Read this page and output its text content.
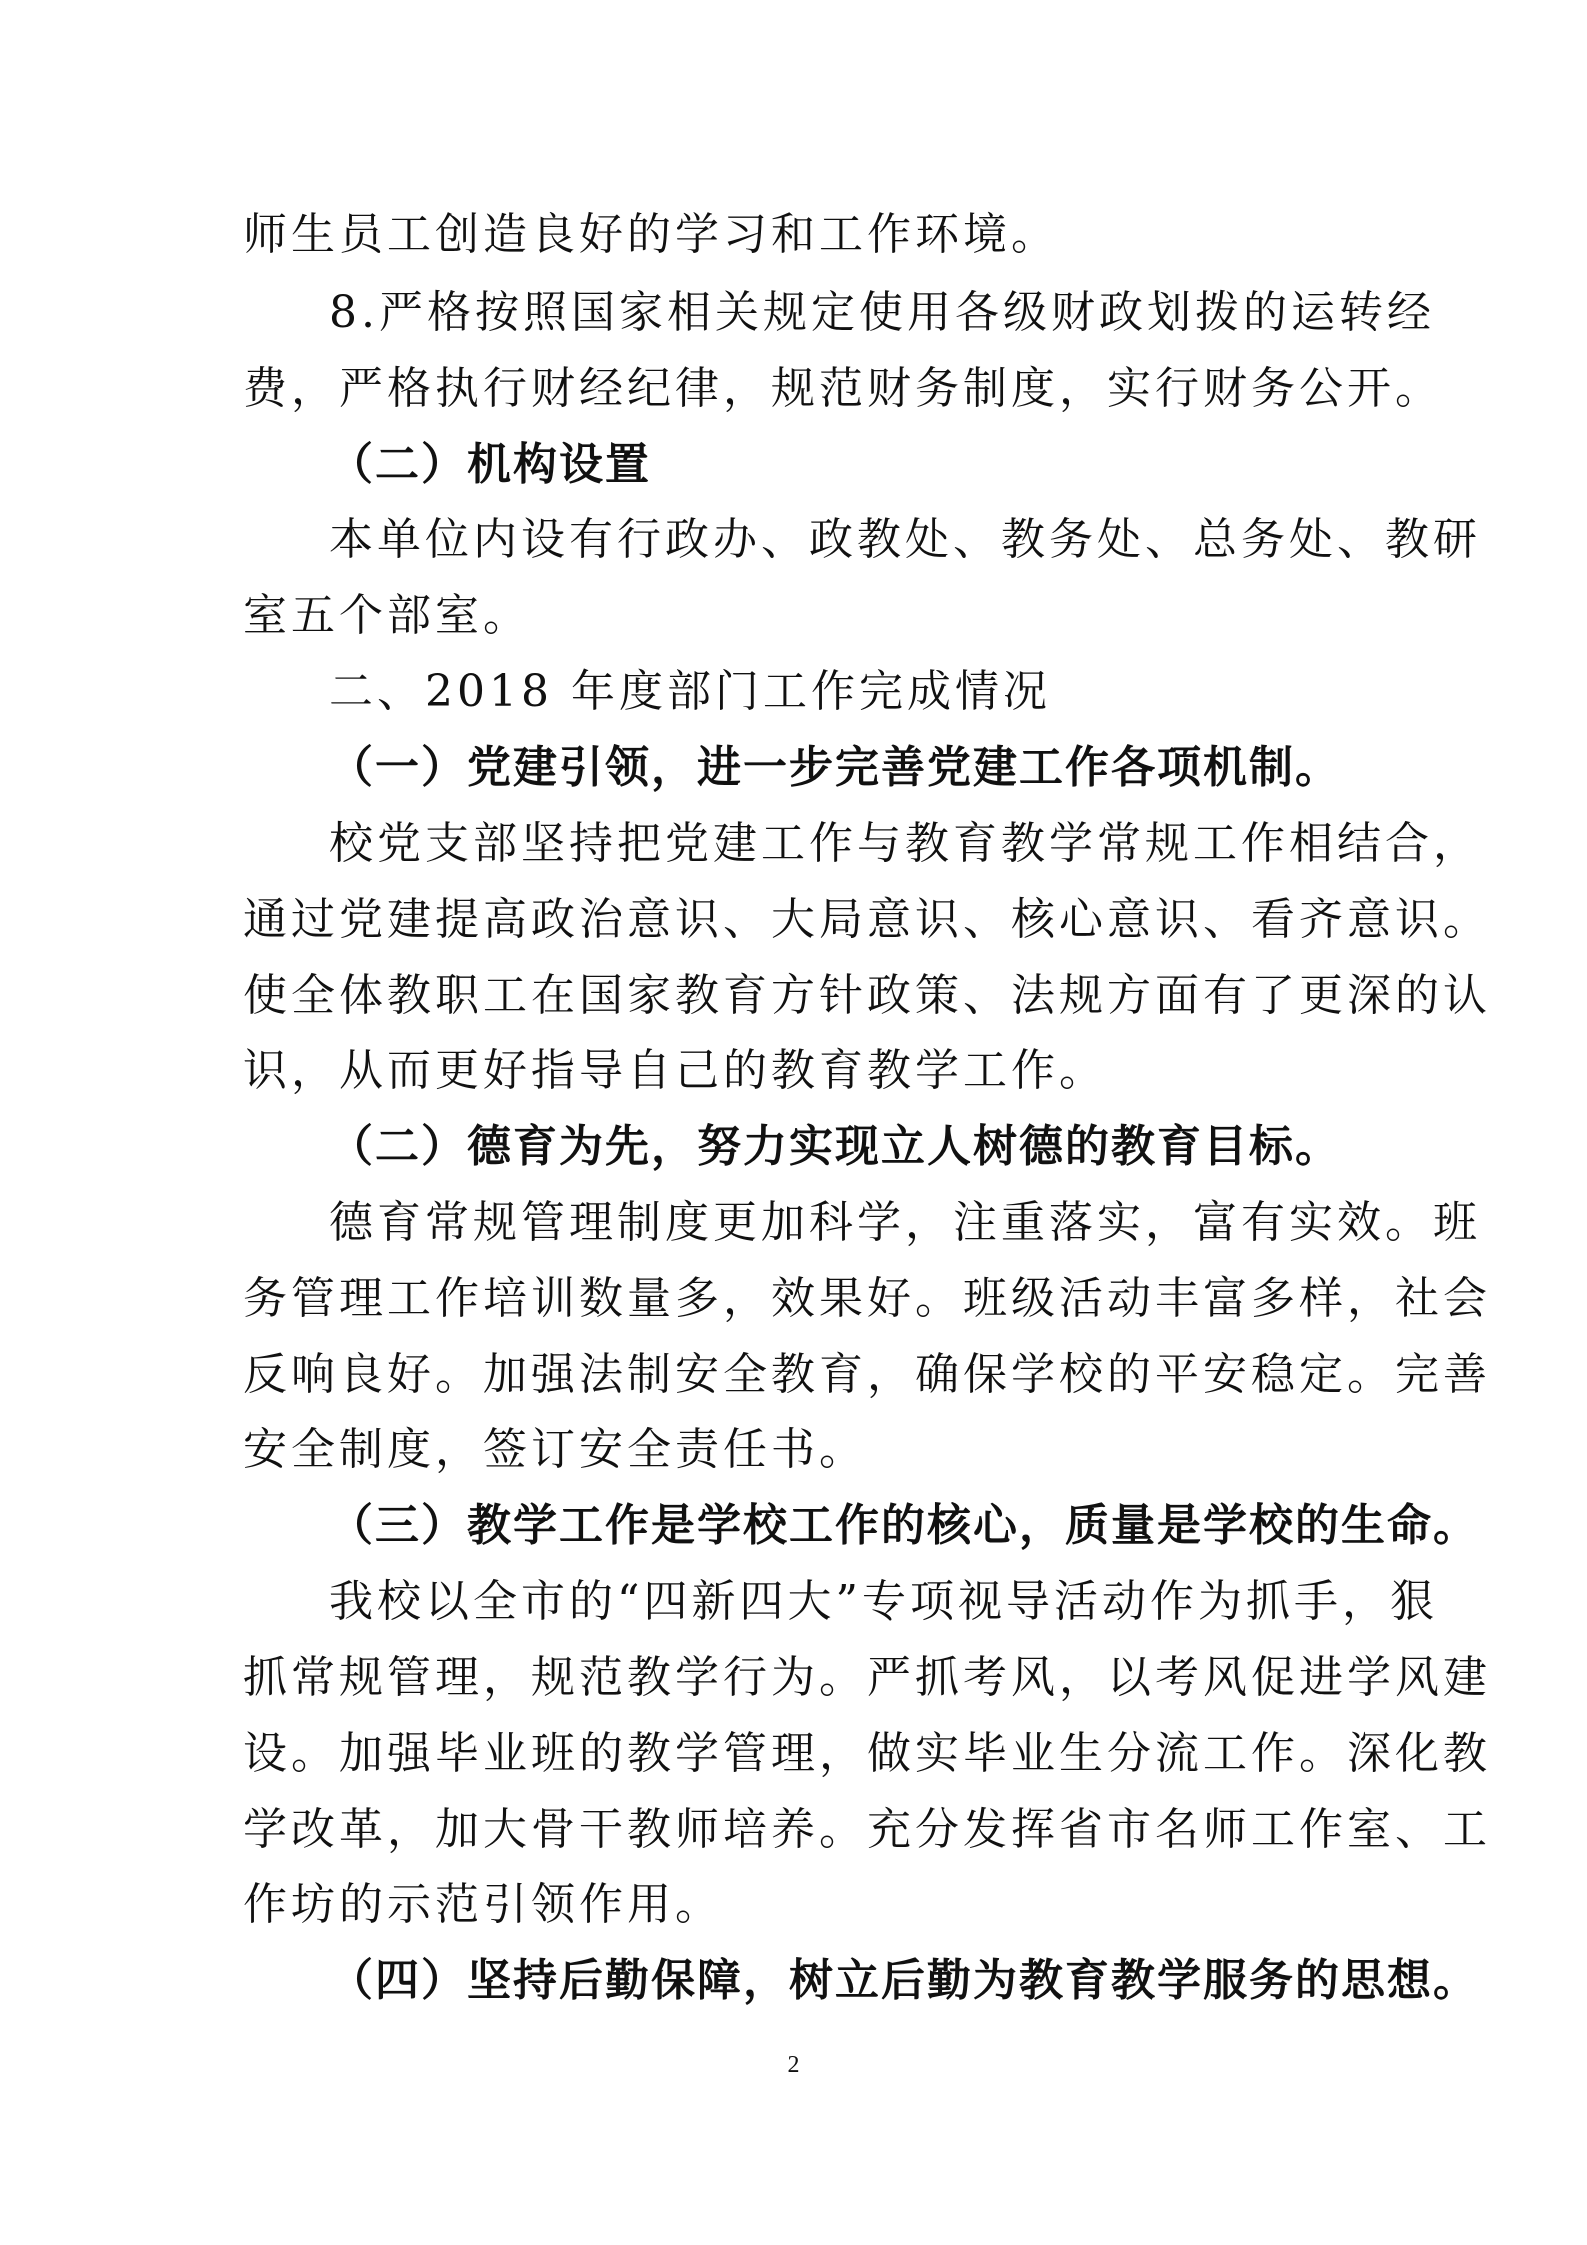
师生员工创造良好的学习和工作环境。
8.严格按照国家相关规定使用各级财政划拨的运转经
费，严格执行财经纪律，规范财务制度，实行财务公开。
（二）机构设置
本单位内设有行政办、政教处、教务处、总务处、教研
室五个部室。
二、2018 年度部门工作完成情况
（一）党建引领，进一步完善党建工作各项机制。
校党支部坚持把党建工作与教育教学常规工作相结合，
通过党建提高政治意识、大局意识、核心意识、看齐意识。
使全体教职工在国家教育方针政策、法规方面有了更深的认
识，从而更好指导自己的教育教学工作。
（二）德育为先，努力实现立人树德的教育目标。
德育常规管理制度更加科学，注重落实，富有实效。班
务管理工作培训数量多，效果好。班级活动丰富多样，社会
反响良好。加强法制安全教育，确保学校的平安稳定。完善
安全制度，签订安全责任书。
（三）教学工作是学校工作的核心，质量是学校的生命。
我校以全市的“四新四大”专项视导活动作为抓手，狠
抓常规管理，规范教学行为。严抓考风，以考风促进学风建
设。加强毕业班的教学管理，做实毕业生分流工作。深化教
学改革，加大骨干教师培养。充分发挥省市名师工作室、工
作坊的示范引领作用。
（四）坚持后勤保障，树立后勤为教育教学服务的思想。
2
